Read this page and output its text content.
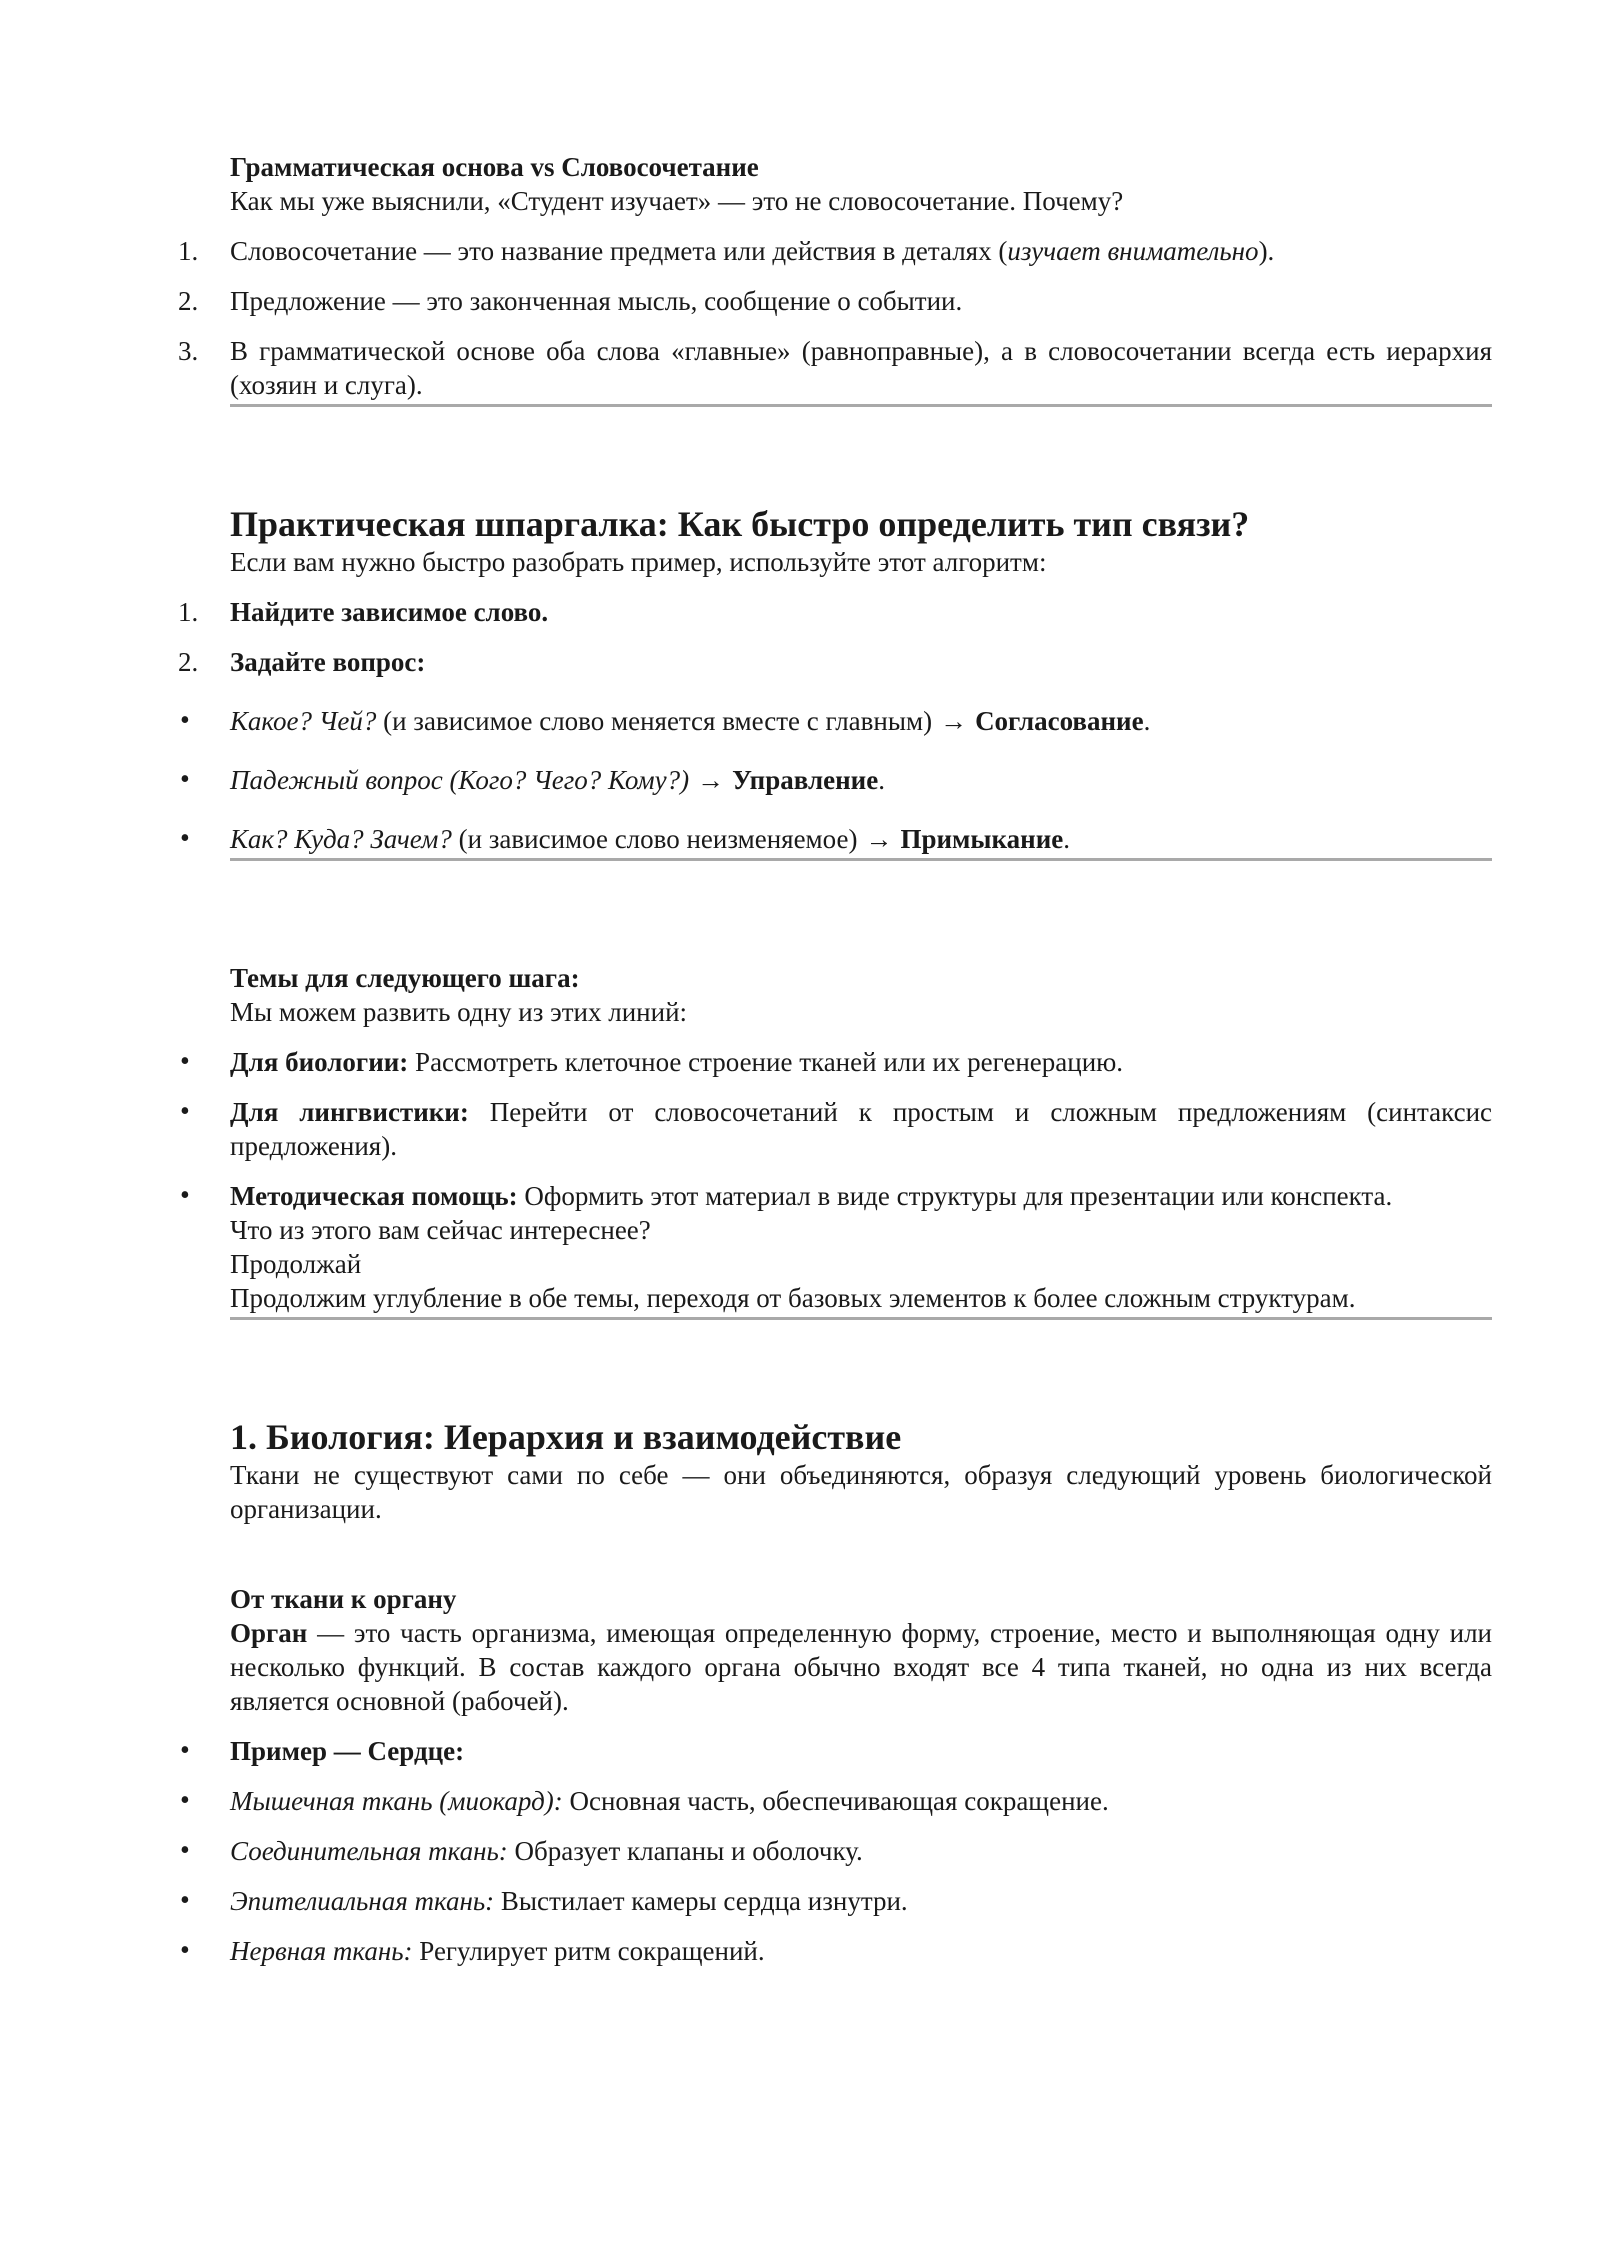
Грамматическая основа vs Словосочетание

Как мы уже выяснили, «Студент изучает» — это не словосочетание. Почему?

1.	Словосочетание — это название предмета или действия в деталях (изучает внимательно).
2.	Предложение — это законченная мысль, сообщение о событии.
3.	В грамматической основе оба слова «главные» (равноправные), а в словосочетании всегда есть иерархия (хозяин и слуга).

Практическая шпаргалка: Как быстро определить тип связи?

Если вам нужно быстро разобрать пример, используйте этот алгоритм:

1.	Найдите зависимое слово.
2.	Задайте вопрос:
•	Какое? Чей? (и зависимое слово меняется вместе с главным) → Согласование.
•	Падежный вопрос (Кого? Чего? Кому?) → Управление.
•	Как? Куда? Зачем? (и зависимое слово неизменяемое) → Примыкание.

Темы для следующего шага:

Мы можем развить одну из этих линий:

•	Для биологии: Рассмотреть клеточное строение тканей или их регенерацию.
•	Для лингвистики: Перейти от словосочетаний к простым и сложным предложениям (синтаксис предложения).
•	Методическая помощь: Оформить этот материал в виде структуры для презентации или конспекта.

Что из этого вам сейчас интереснее?

Продолжай

Продолжим углубление в обе темы, переходя от базовых элементов к более сложным структурам.

1. Биология: Иерархия и взаимодействие

Ткани не существуют сами по себе — они объединяются, образуя следующий уровень биологической организации.

От ткани к органу

Орган — это часть организма, имеющая определенную форму, строение, место и выполняющая одну или несколько функций. В состав каждого органа обычно входят все 4 типа тканей, но одна из них всегда является основной (рабочей).

•	Пример — Сердце:
•	Мышечная ткань (миокард): Основная часть, обеспечивающая сокращение.
•	Соединительная ткань: Образует клапаны и оболочку.
•	Эпителиальная ткань: Выстилает камеры сердца изнутри.
•	Нервная ткань: Регулирует ритм сокращений.
